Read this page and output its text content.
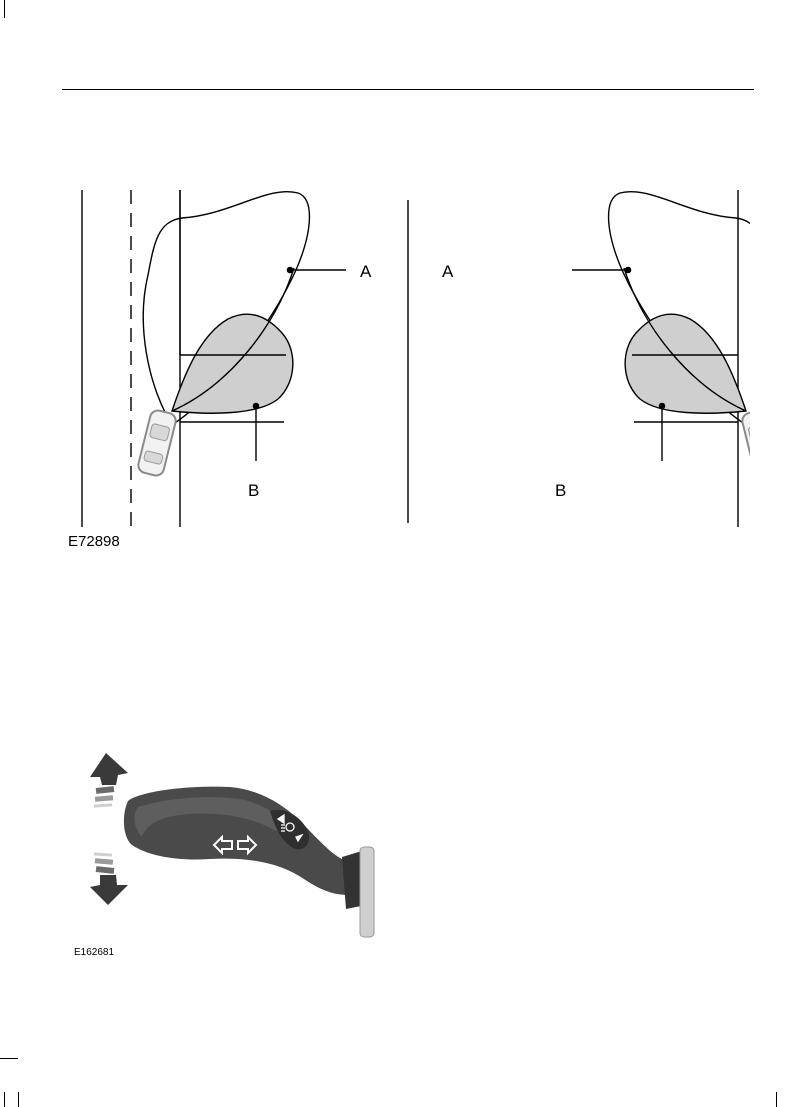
A
B
A
B
E72898
E162681
